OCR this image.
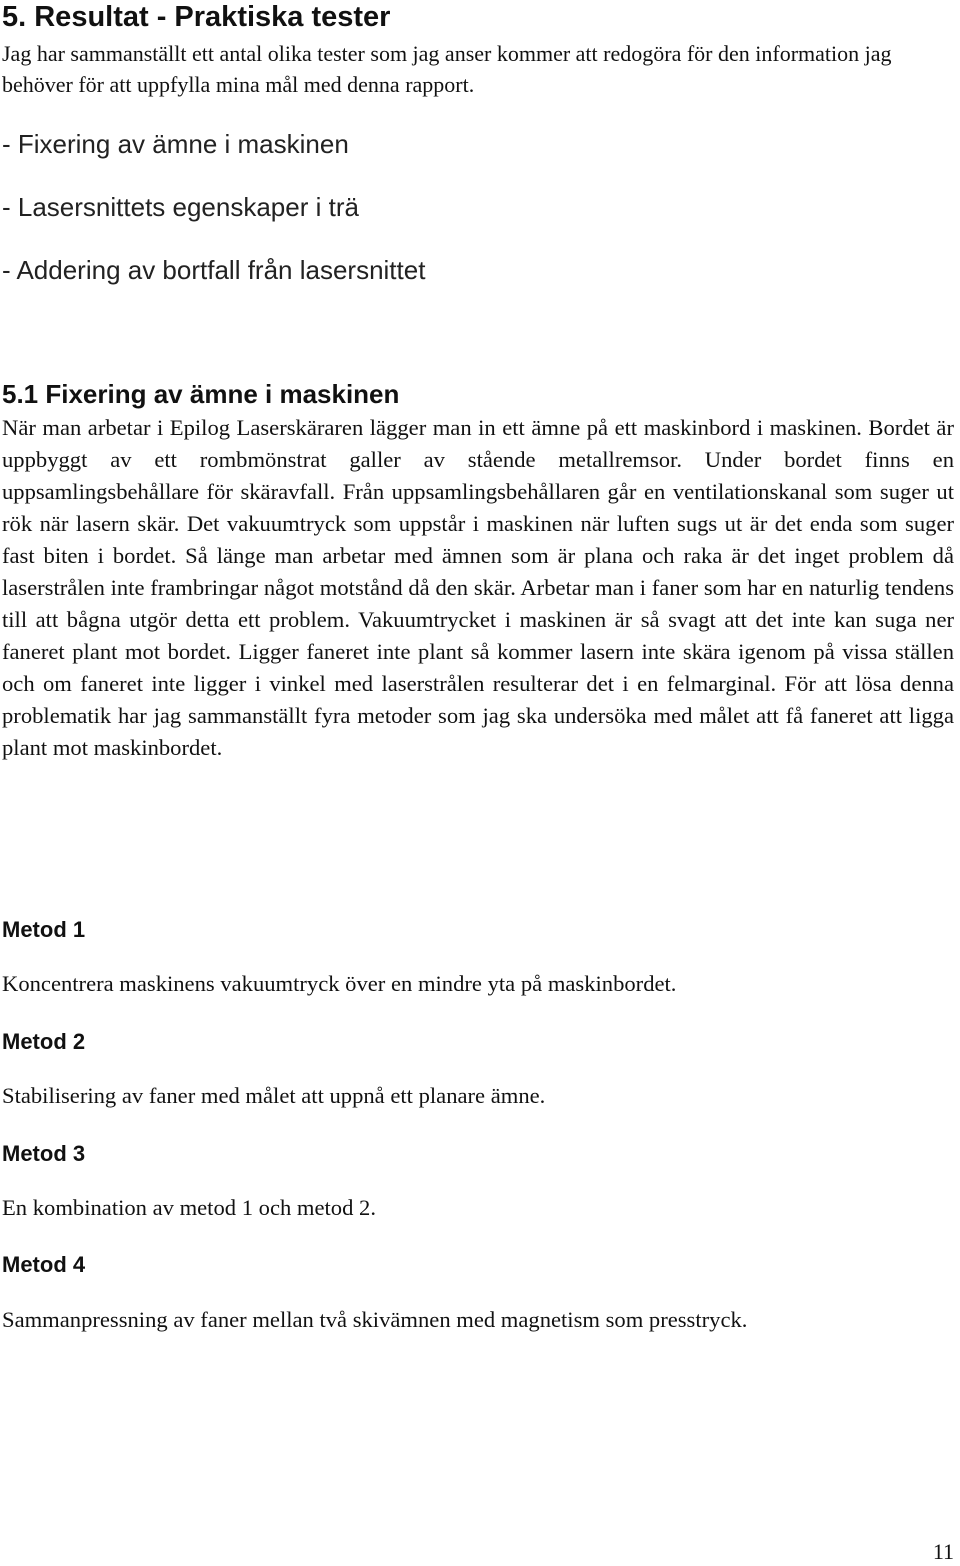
5. Resultat - Praktiska tester

Jag har sammanställt ett antal olika tester som jag anser kommer att redogöra för den information jag behöver för att uppfylla mina mål med denna rapport.

- Fixering av ämne i maskinen
- Lasersnittets egenskaper i trä
- Addering av bortfall från lasersnittet
5.1 Fixering av ämne i maskinen

När man arbetar i Epilog Laserskäraren lägger man in ett ämne på ett maskinbord i maskinen. Bordet är uppbyggt av ett rombmönstrat galler av stående metallremsor. Under bordet finns en uppsamlingsbehållare för skäravfall. Från uppsamlingsbehållaren går en ventilationskanal som suger ut rök när lasern skär. Det vakuumtryck som uppstår i maskinen när luften sugs ut är det enda som suger fast biten i bordet. Så länge man arbetar med ämnen som är plana och raka är det inget problem då laserstrålen inte frambringar något motstånd då den skär. Arbetar man i faner som har en naturlig tendens till att bågna utgör detta ett problem. Vakuumtrycket i maskinen är så svagt att det inte kan suga ner faneret plant mot bordet. Ligger faneret inte plant så kommer lasern inte skära igenom på vissa ställen och om faneret inte ligger i vinkel med laserstrålen resulterar det i en felmarginal. För att lösa denna problematik har jag sammanställt fyra metoder som jag ska undersöka med målet att få faneret att ligga plant mot maskinbordet.

Metod 1
Koncentrera maskinens vakuumtryck över en mindre yta på maskinbordet.
Metod 2
Stabilisering av faner med målet att uppnå ett planare ämne.
Metod 3
En kombination av metod 1 och metod 2.
Metod 4
Sammanpressning av faner mellan två skivämnen med magnetism som presstryck.
11
